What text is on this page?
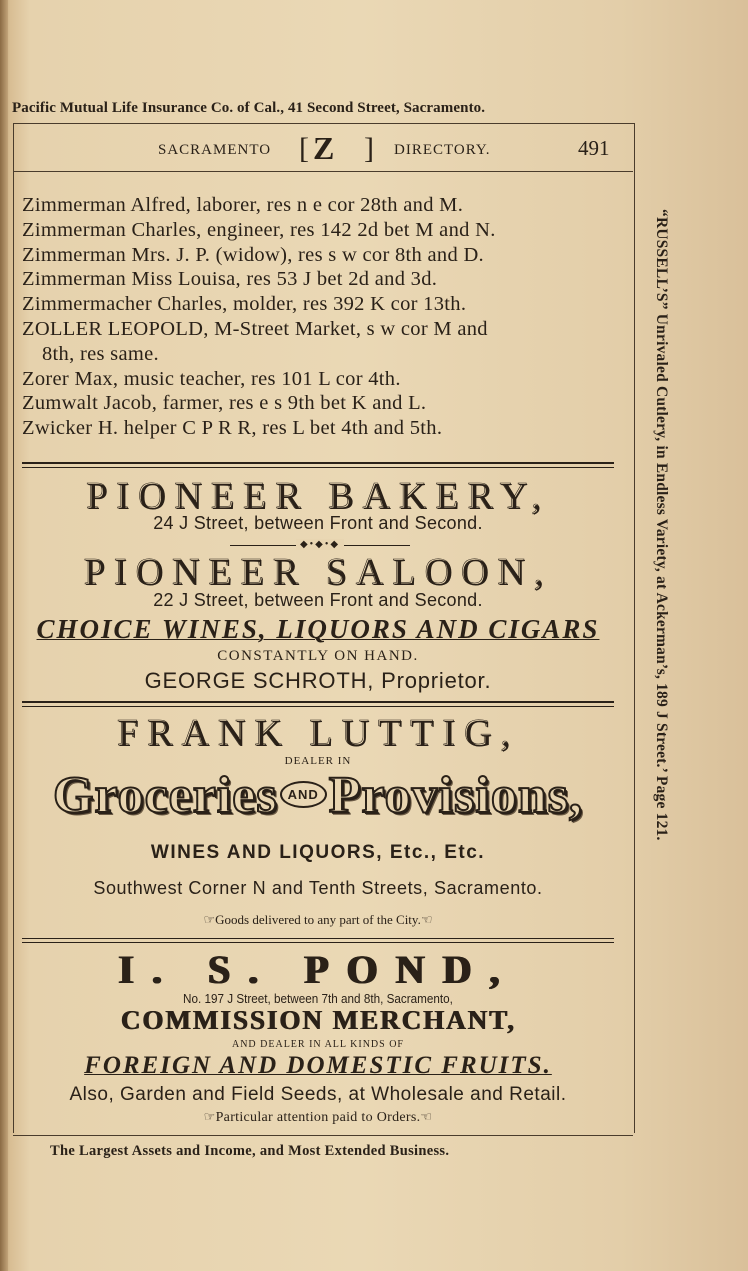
Pacific Mutual Life Insurance Co. of Cal., 41 Second Street, Sacramento.
SACRAMENTO [ Z ] DIRECTORY.	491
Zimmerman Alfred, laborer, res n e cor 28th and M.
Zimmerman Charles, engineer, res 142 2d bet M and N.
Zimmerman Mrs. J. P. (widow), res s w cor 8th and D.
Zimmerman Miss Louisa, res 53 J bet 2d and 3d.
Zimmermacher Charles, molder, res 392 K cor 13th.
ZOLLER LEOPOLD, M-Street Market, s w cor M and
8th, res same.
Zorer Max, music teacher, res 101 L cor 4th.
Zumwalt Jacob, farmer, res e s 9th bet K and L.
Zwicker H. helper C P R R, res L bet 4th and 5th.
PIONEER BAKERY,
24 J Street, between Front and Second.
◆•◆•◆
PIONEER SALOON,
22 J Street, between Front and Second.
CHOICE WINES, LIQUORS AND CIGARS
CONSTANTLY ON HAND.
GEORGE SCHROTH, Proprietor.
FRANK LUTTIG,
DEALER IN
Groceries AND Provisions,
WINES AND LIQUORS, Etc., Etc.
Southwest Corner N and Tenth Streets, Sacramento.
☞Goods delivered to any part of the City.☜
I. S. POND,
No. 197 J Street, between 7th and 8th, Sacramento,
COMMISSION MERCHANT,
AND DEALER IN ALL KINDS OF
FOREIGN AND DOMESTIC FRUITS.
Also, Garden and Field Seeds, at Wholesale and Retail.
☞Particular attention paid to Orders.☜
The Largest Assets and Income, and Most Extended Business.
“RUSSELL’S” Unrivaled Cutlery, in Endless Variety, at Ackerman’s, 189 J Street.’ Page 121.
